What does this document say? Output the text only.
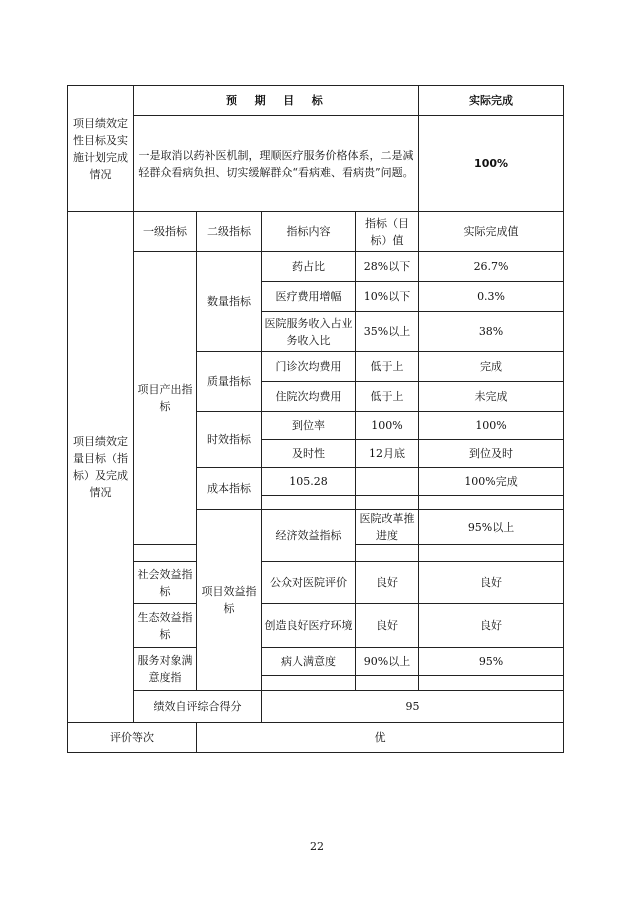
项目绩效定性目标及实施计划完成情况	预　期　目　标				实际完成	
	一是取消以药补医机制，理顺医疗服务价格体系，二是减轻群众看病负担、切实缓解群众“看病难、看病贵”问题。				100%	
项目绩效定量目标（指标）及完成情况	一级指标	二级指标	指标内容	指标（目标）值	实际完成值	
	项目产出指标	数量指标	药占比	28%以下	26.7%	
			医疗费用增幅	10%以下	0.3%	
			医院服务收入占业务收入比	35%以上	38%	
		质量指标	门诊次均费用	低于上	完成	
			住院次均费用	低于上	未完成	
		时效指标	到位率	100%	100%	
			及时性	12月底	到位及时	
		成本指标	105.28		100%完成	

		项目效益指标	经济效益指标	医院改革推进度	95%以上	

	社会效益指标		公众对医院评价	良好	良好	
	生态效益指标		创造良好医疗环境	良好	良好	
	服务对象满意度指		病人满意度	90%以上	95%	

	绩效自评综合得分		95			
评价等次		优				
22
